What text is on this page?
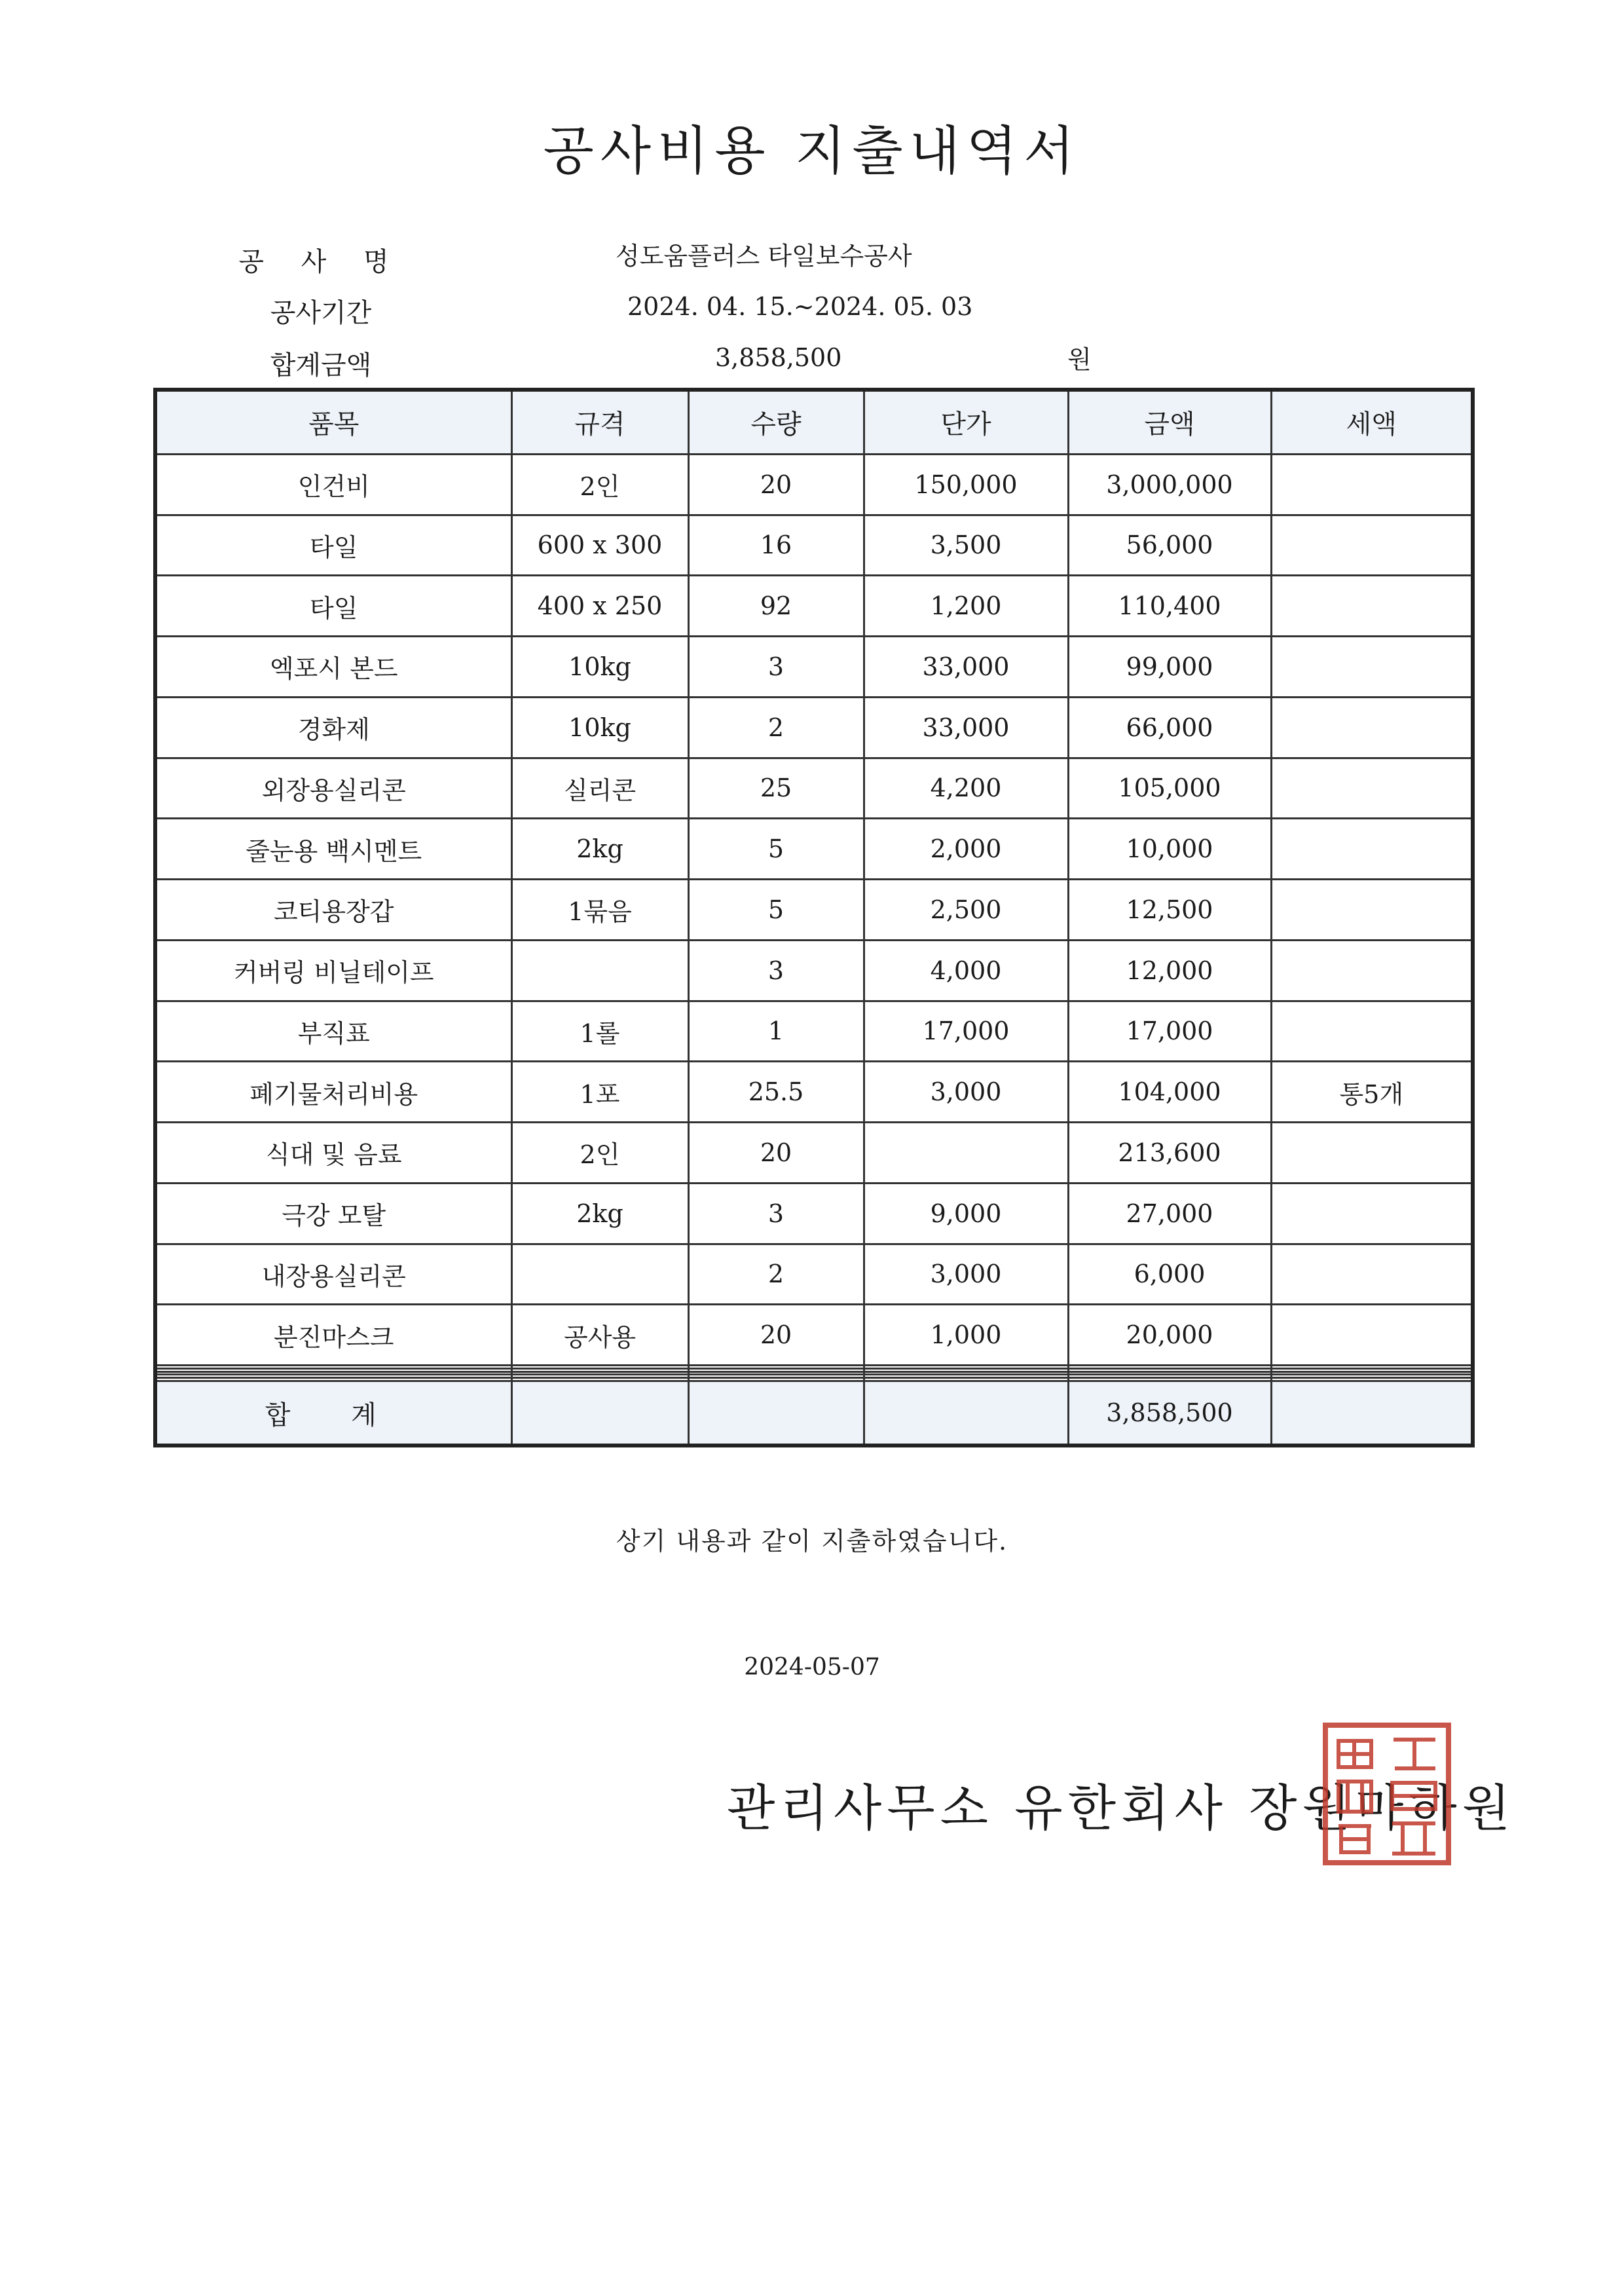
공사비용 지출내역서
공 사 명	성도움플러스 타일보수공사
공사기간	2024. 04. 15.~2024. 05. 03
합계금액	3,858,500	원
품목	규격	수량	단가	금액	세액
인건비	2인	20	150,000	3,000,000	
타일	600 x 300	16	3,500	56,000	
타일	400 x 250	92	1,200	110,400	
엑포시 본드	10kg	3	33,000	99,000	
경화제	10kg	2	33,000	66,000	
외장용실리콘	실리콘	25	4,200	105,000	
줄눈용 백시멘트	2kg	5	2,000	10,000	
코티용장갑	1묶음	5	2,500	12,500	
커버링 비닐테이프		3	4,000	12,000	
부직표	1롤	1	17,000	17,000	
폐기물처리비용	1포	25.5	3,000	104,000	통5개
식대 및 음료	2인	20		213,600	
극강 모탈	2kg	3	9,000	27,000	
내장용실리콘		2	3,000	6,000	
분진마스크	공사용	20	1,000	20,000	

합 계				3,858,500	
상기 내용과 같이 지출하였습니다.
2024-05-07
관리사무소 유한회사 장원마하원
